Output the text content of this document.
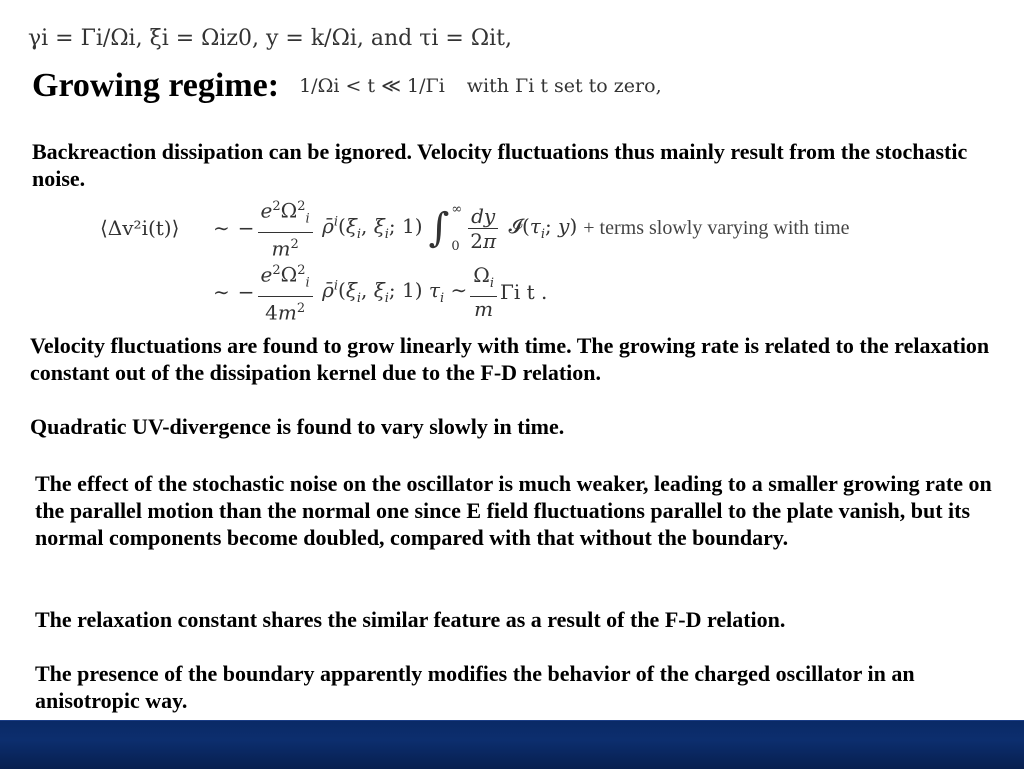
γi = Γi/Ωi, ξi = Ωiz0, y = k/Ωi, and τi = Ωit,
Growing regime: 1/Ωi < t ≪ 1/Γi with Γi t set to zero,
Backreaction dissipation can be ignored. Velocity fluctuations thus mainly result from the stochastic noise.
⟨Δv²i(t)⟩	∼ − $\frac{e^2\Omega^2_i}{m^2}$ $\rhō^i(\xi_i$, $\xi_i$; 1) ∫ ∞
$0 \frac{dy}{2\pi}$ $𝓘(\tau_i$; y) + terms slowly varying with time
∼ − $\frac{e^2\Omega^2_i}{4m^2}$ $\rhō^i(\xi_i$, $\xi_i$; 1) $\tau_i$ ∼ $\frac{\Omega_i}{m}$ Γi t .
Velocity fluctuations are found to grow linearly with time. The growing rate is related to the relaxation constant out of the dissipation kernel due to the F-D relation.
Quadratic UV-divergence is found to vary slowly in time.
The effect of the stochastic noise on the oscillator is much weaker, leading to a smaller growing rate on the parallel motion than the normal one since E field fluctuations parallel to the plate vanish, but its normal components become doubled, compared with that without the boundary.
The relaxation constant shares the similar feature as a result of the F-D relation.
The presence of the boundary apparently modifies the behavior of the charged oscillator in an anisotropic way.
